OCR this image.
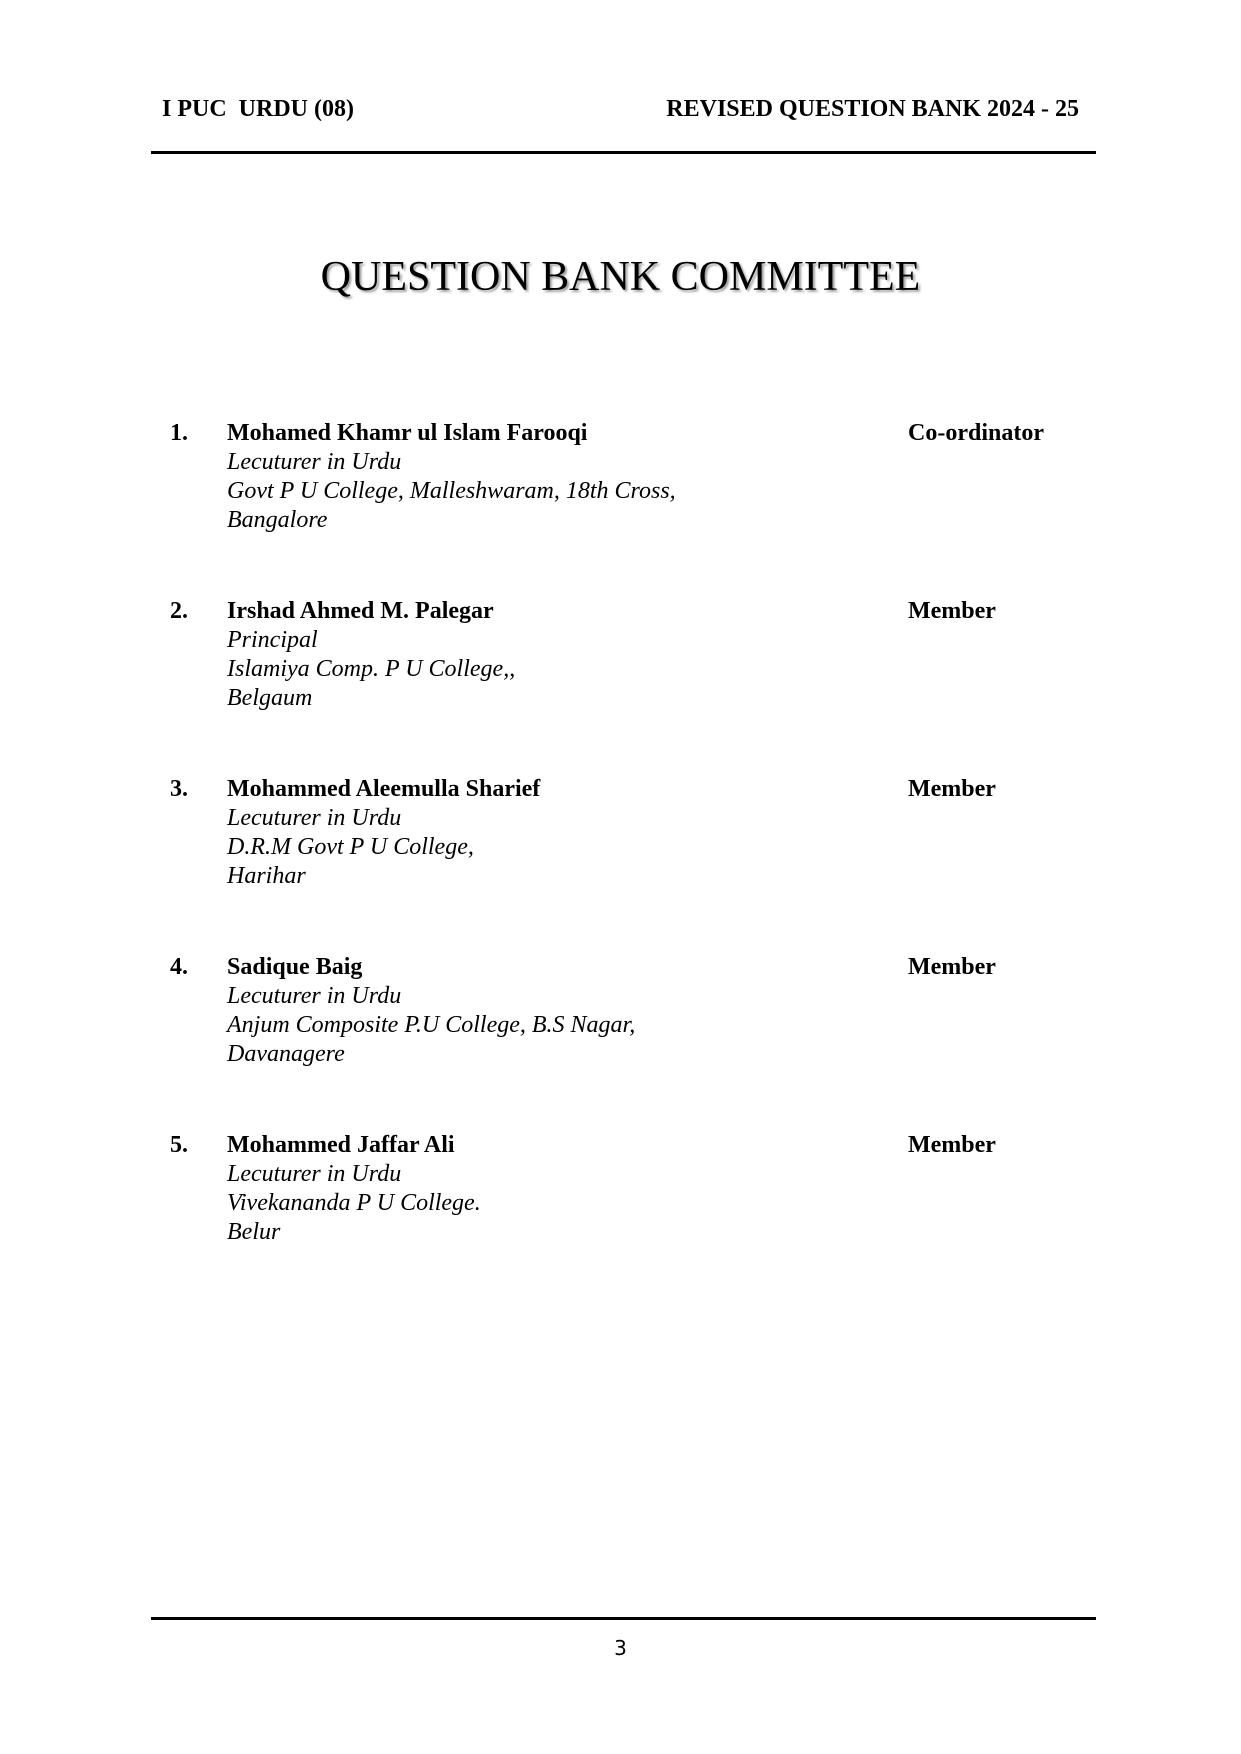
I PUC  URDU (08)	REVISED QUESTION BANK 2024 - 25
QUESTION BANK COMMITTEE
1. Mohamed Khamr ul Islam Farooqi	Co-ordinator
Lecuturer in Urdu
Govt P U College, Malleshwaram, 18th Cross,
Bangalore
2. Irshad Ahmed M. Palegar	Member
Principal
Islamiya Comp. P U College,,
Belgaum
3. Mohammed Aleemulla Sharief	Member
Lecuturer in Urdu
D.R.M Govt P U College,
Harihar
4. Sadique Baig	Member
Lecuturer in Urdu
Anjum Composite P.U College, B.S Nagar,
Davanagere
5. Mohammed Jaffar Ali	Member
Lecuturer in Urdu
Vivekananda P U College.
Belur
3
